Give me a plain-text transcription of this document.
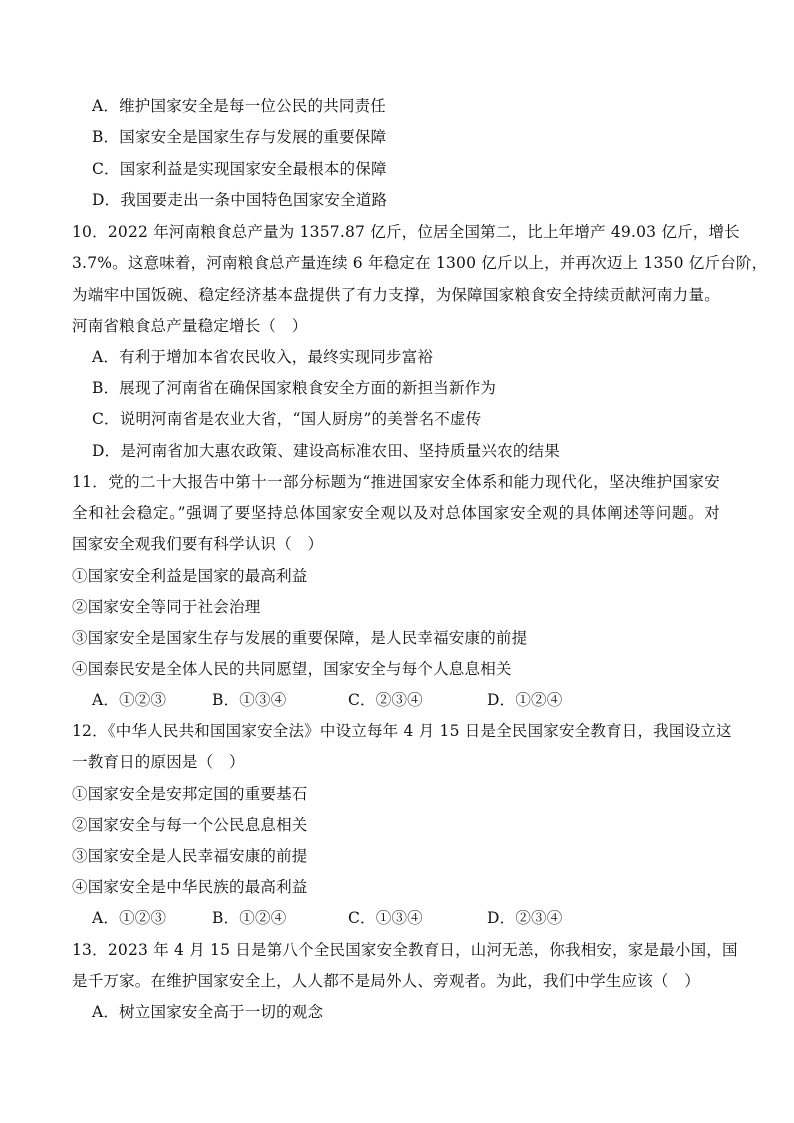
A．维护国家安全是每一位公民的共同责任
B．国家安全是国家生存与发展的重要保障
C．国家利益是实现国家安全最根本的保障
D．我国要走出一条中国特色国家安全道路
10．2022 年河南粮食总产量为 1357.87 亿斤，位居全国第二，比上年增产 49.03 亿斤，增长
3.7%。这意味着，河南粮食总产量连续 6 年稳定在 1300 亿斤以上，并再次迈上 1350 亿斤台阶，
为端牢中国饭碗、稳定经济基本盘提供了有力支撑，为保障国家粮食安全持续贡献河南力量。
河南省粮食总产量稳定增长（　）
A．有利于增加本省农民收入，最终实现同步富裕
B．展现了河南省在确保国家粮食安全方面的新担当新作为
C．说明河南省是农业大省，“国人厨房”的美誉名不虚传
D．是河南省加大惠农政策、建设高标准农田、坚持质量兴农的结果
11．党的二十大报告中第十一部分标题为“推进国家安全体系和能力现代化，坚决维护国家安
全和社会稳定。”强调了要坚持总体国家安全观以及对总体国家安全观的具体阐述等问题。对
国家安全观我们要有科学认识（　）
①国家安全利益是国家的最高利益
②国家安全等同于社会治理
③国家安全是国家生存与发展的重要保障，是人民幸福安康的前提
④国泰民安是全体人民的共同愿望，国家安全与每个人息息相关
A．①②③	B．①③④	C．②③④	D．①②④
12．《中华人民共和国国家安全法》中设立每年 4 月 15 日是全民国家安全教育日，我国设立这
一教育日的原因是（　）
①国家安全是安邦定国的重要基石
②国家安全与每一个公民息息相关
③国家安全是人民幸福安康的前提
④国家安全是中华民族的最高利益
A．①②③	B．①②④	C．①③④	D．②③④
13．2023 年 4 月 15 日是第八个全民国家安全教育日，山河无恙，你我相安，家是最小国，国
是千万家。在维护国家安全上，人人都不是局外人、旁观者。为此，我们中学生应该（　）
A．树立国家安全高于一切的观念
